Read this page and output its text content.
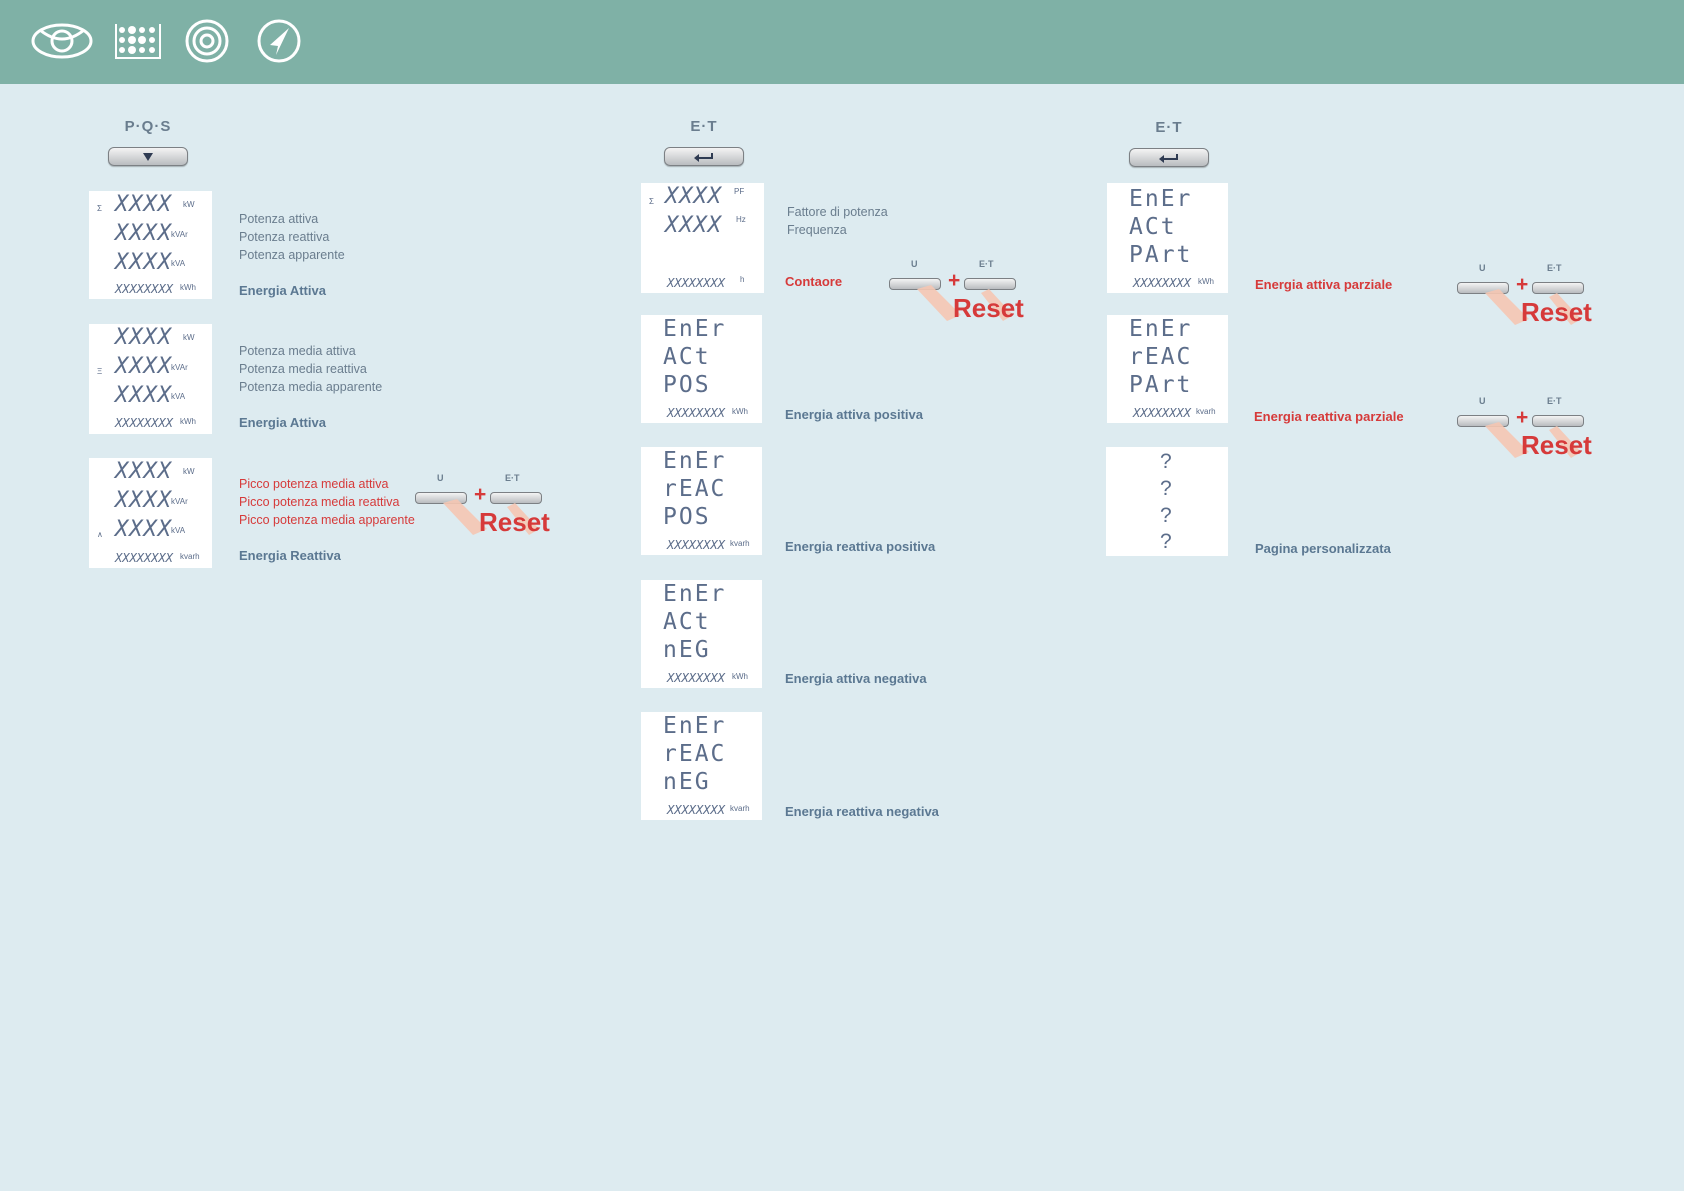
P·Q·S
Σ XXXX kW
XXXX kVAr
XXXX kVA
XXXXXXXX kWh
Potenza attiva
Potenza reattiva
Potenza apparente
Energia Attiva
Ξ
XXXX kW
XXXX kVAr
XXXX kVA
XXXXXXXX kWh
Potenza media attiva
Potenza media reattiva
Potenza media apparente
Energia Attiva
∧
XXXX kW
XXXX kVAr
XXXX kVA
XXXXXXXX kvarh
Picco potenza media attiva
Picco potenza media reattiva
Picco potenza media apparente
Energia Reattiva
U	E·T
+
Reset
E·T
Σ XXXX PF
XXXX Hz
XXXXXXXX h
Fattore di potenza
Frequenza
Contaore
U	E·T
+
Reset
EnEr
ACt
POS
XXXXXXXX kWh	Energia attiva positiva
EnEr
rEAC
POS
XXXXXXXX kvarh	Energia reattiva positiva
EnEr
ACt
nEG
XXXXXXXX kWh	Energia attiva negativa
EnEr
rEAC
nEG
XXXXXXXX kvarh	Energia reattiva negativa
E·T
EnEr
ACt
PArt
XXXXXXXX kWh	Energia attiva parziale
U	E·T
+
Reset
EnEr
rEAC
PArt
XXXXXXXX kvarh	Energia reattiva parziale
U	E·T
+
Reset
?
?
?
?	Pagina personalizzata
